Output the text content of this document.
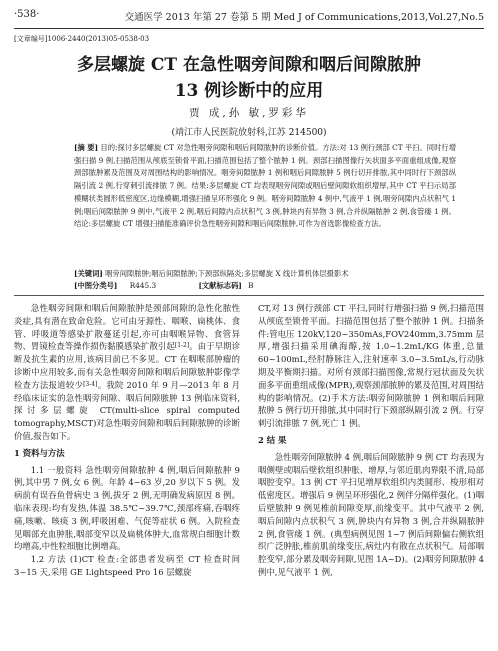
·538·	交通医学 2013 年第 27 卷第 5 期 Med J of Communications,2013,Vol.27,No.5
[文章编号]1006-2440(2013)05-0538-03
多层螺旋 CT 在急性咽旁间隙和咽后间隙脓肿
13 例诊断中的应用
贾 成,孙 敏,罗彩华
(靖江市人民医院放射科,江苏 214500)
[摘 要] 目的:探讨多层螺旋 CT 对急性咽旁间隙和咽后间隙脓肿的诊断价值。方法:对 13 例行颈部 CT 平扫、同时行增强扫描 9 例,扫描范围从颅底至锁骨平面,扫描范围包括了整个脓肿 1 例。颈部扫描图像行矢状面多平面重组成像,观察颈部脓肿累及范围及对周围结构的影响情况。咽旁间隙脓肿 1 例和咽后间隙脓肿 5 例行切开排脓,其中同时行下颈部纵隔引流 2 例,行穿刺引流排脓 7 例。结果:多层螺旋 CT 均表现咽旁间隙或咽后壁间隙软组织增厚,其中 CT 平扫示局部模糊状类圆形低密度区,边缘模糊,增强扫描呈环形强化 9 例。咽旁间隙脓肿 4 例中,气液平 1 例,咽旁间隙内点状积气 1 例;咽后间隙脓肿 9 例中,气液平 2 例,咽后间隙内点状积气 3 例,肿块内有异物 3 例,合并纵隔脓肿 2 例,食管瘘 1 例。结论:多层螺旋 CT 增强扫描能准确评价急性咽旁间隙和咽后间隙脓肿,可作为首选影像检查方法。
[关键词] 咽旁间隙脓肿;咽后间隙脓肿;下颈部纵隔炎;多层螺旋 X 线计算机体层摄影术
[中图分类号] R445.3	[文献标志码] B

急性咽旁间隙和咽后间隙脓肿是颈部间隙的急性化脓性炎症,具有潜在致命危险。它可由牙源性、咽喉、扁桃体、食管、呼吸道等感染扩散蔓延引起,亦可由咽喉异物、食管异物、胃镜检查等操作损伤黏膜感染扩散引起[1-2]。由于早期诊断及抗生素的应用,该病目前已不多见。CT 在咽喉部肿瘤的诊断中应用较多,而有关急性咽旁间隙和咽后间隙脓肿影像学检查方法报道较少[3-4]。我院 2010 年 9 月—2013 年 8 月经临床证实的急性咽旁间隙、咽后间隙脓肿 13 例临床资料,探讨多层螺旋 CT(multi-slice spiral computed tomography,MSCT)对急性咽旁间隙和咽后间隙脓肿的诊断价值,报告如下。

1 资料与方法

1.1 一般资料 急性咽旁间隙脓肿 4 例,咽后间隙脓肿 9 例,其中男 7 例,女 6 例。年龄 4~63 岁,20 岁以下 5 例。发病前有误吞鱼骨病史 3 例,拔牙 2 例,无明确发病原因 8 例。临床表现:均有发热,体温 38.5℃~39.7℃,颈部疼痛,吞咽疼痛,咳嗽、咳痰 3 例,呼吸困难、气促等症状 6 例。入院检查见咽部充血肿胀,咽部变窄以及扁桃体肿大,血常规白细胞计数均增高,中性粒细胞比例增高。

1.2 方法 (1)CT 检查:全部患者发病至 CT 检查时间 3~15 天,采用 GE Lightspeed Pro 16 层螺旋

CT,对 13 例行颈部 CT 平扫,同时行增强扫描 9 例,扫描范围从颅底至锁骨平面。扫描范围包括了整个脓肿 1 例。扫描条件:管电压 120kV,120~350mAs,FOV240mm,3.75mm 层厚,增强扫描采用碘海醇,按 1.0~1.2mL/KG 体重,总量 60~100mL,经肘静脉注入,注射速率 3.0~3.5mL/s,行动脉期及平衡期扫描。对所有颈部扫描图像,常规行冠状面及矢状面多平面重组成像(MPR),观察颈部脓肿的累及范围,对周围结构的影响情况。(2)手术方法:咽旁间隙脓肿 1 例和咽后间隙脓肿 5 例行切开排脓,其中同时行下颈部纵隔引流 2 例。行穿刺引流排脓 7 例,死亡 1 例。

2 结 果

急性咽旁间隙脓肿 4 例,咽后间隙脓肿 9 例 CT 均表现为咽侧壁或咽后壁软组织肿胀、增厚,与邻近肌肉界限不清,局部咽腔变窄。13 例 CT 平扫见增厚软组织内类圆形、梭形相对低密度区。增强后 9 例呈环形强化,2 例伴分隔样强化。(1)咽后壁脓肿 9 例见椎前间隙变厚,前缘变平。其中气液平 2 例,咽后间隙内点状积气 3 例,肿块内有异物 3 例,合并纵隔脓肿 2 例,食管瘘 1 例。(典型病例见图 1~7 例后间隙偏右侧软组织广泛肿胀,椎前肌前缘变压,病灶内有散在点状积气。局部咽腔变窄,部分累及咽旁间隙,见图 1A~D)。(2)咽旁间隙脓肿 4 例中,见气液平 1 例,
